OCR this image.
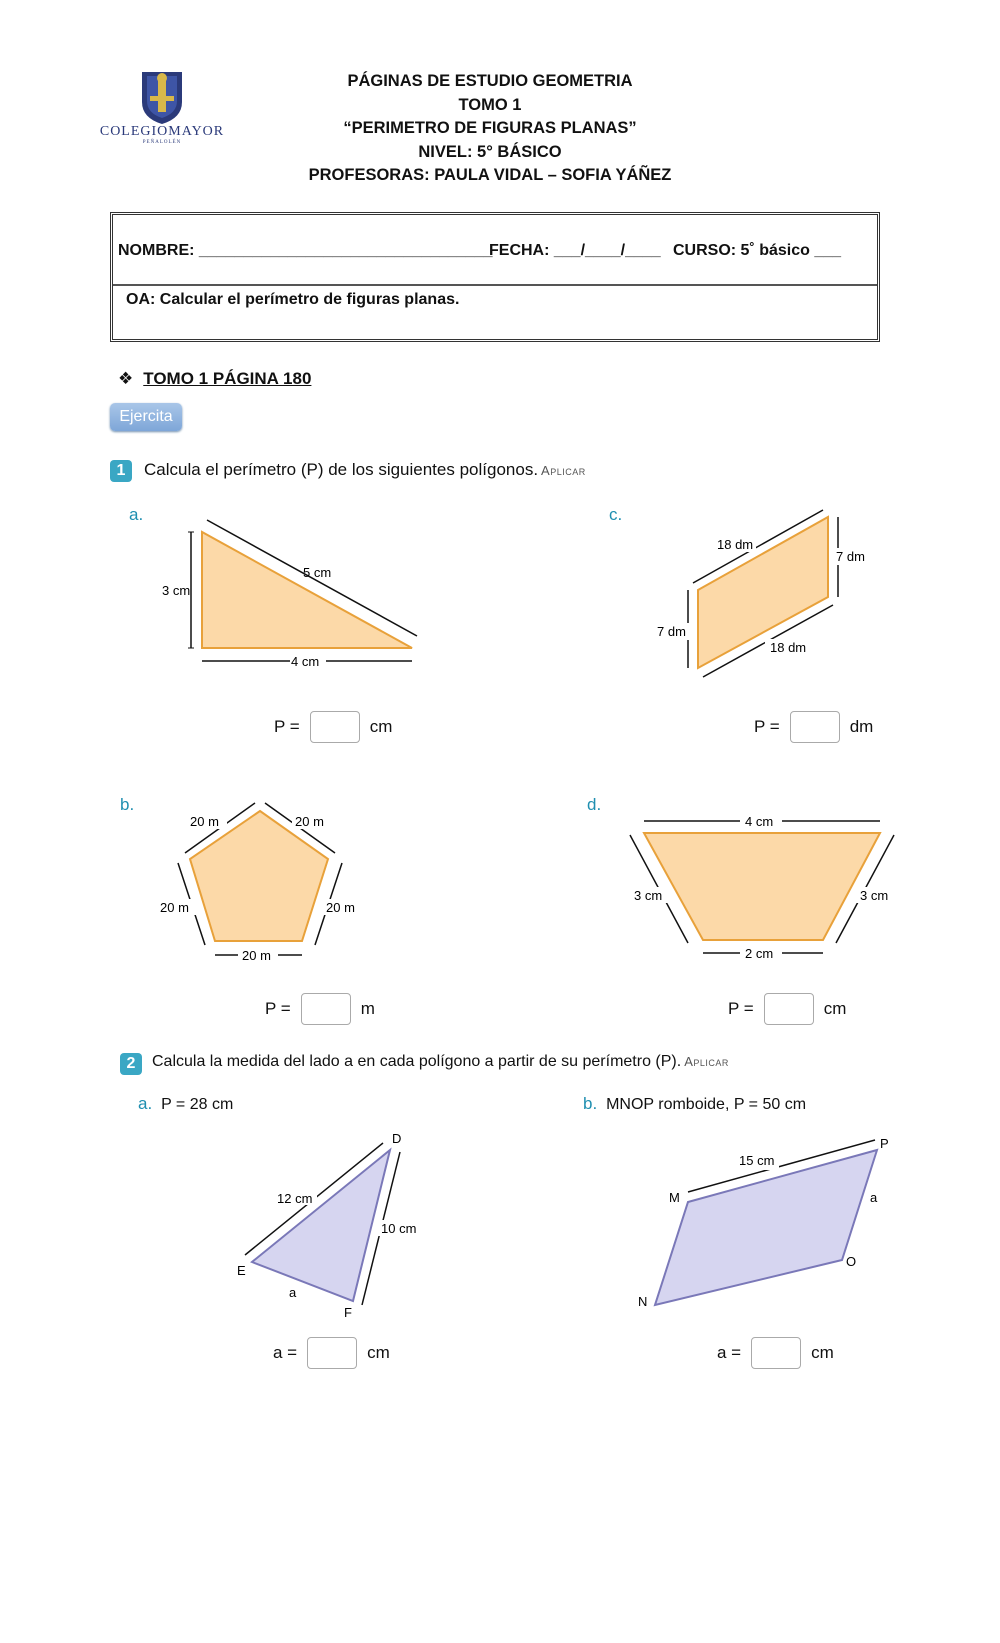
COLEGIOMAYOR
PEÑALOLÉN
PÁGINAS DE ESTUDIO GEOMETRIA
TOMO 1
“PERIMETRO DE FIGURAS PLANAS”
NIVEL: 5° BÁSICO
PROFESORAS: PAULA VIDAL – SOFIA YÁÑEZ
NOMBRE: _________________________________
FECHA: ___/____/____ CURSO: 5˚ básico ___
OA: Calcular el perímetro de figuras planas.
❖ TOMO 1 PÁGINA 180
Ejercita
1	Calcula el perímetro (P) de los siguientes polígonos. Aplicar
a.
3 cm
5 cm
4 cm
P =	cm
c.
18 dm
7 dm
7 dm
18 dm
P =	dm
b.
20 m	20 m
20 m	20 m
20 m
P =	m
d.
4 cm
3 cm	3 cm
2 cm
P =	cm
2	Calcula la medida del lado a en cada polígono a partir de su perímetro (P). Aplicar
a. P = 28 cm
D
12 cm
10 cm
E
a
F
a =	cm
b. MNOP romboide, P = 50 cm
P
15 cm
M	a
O
N
a =	cm
